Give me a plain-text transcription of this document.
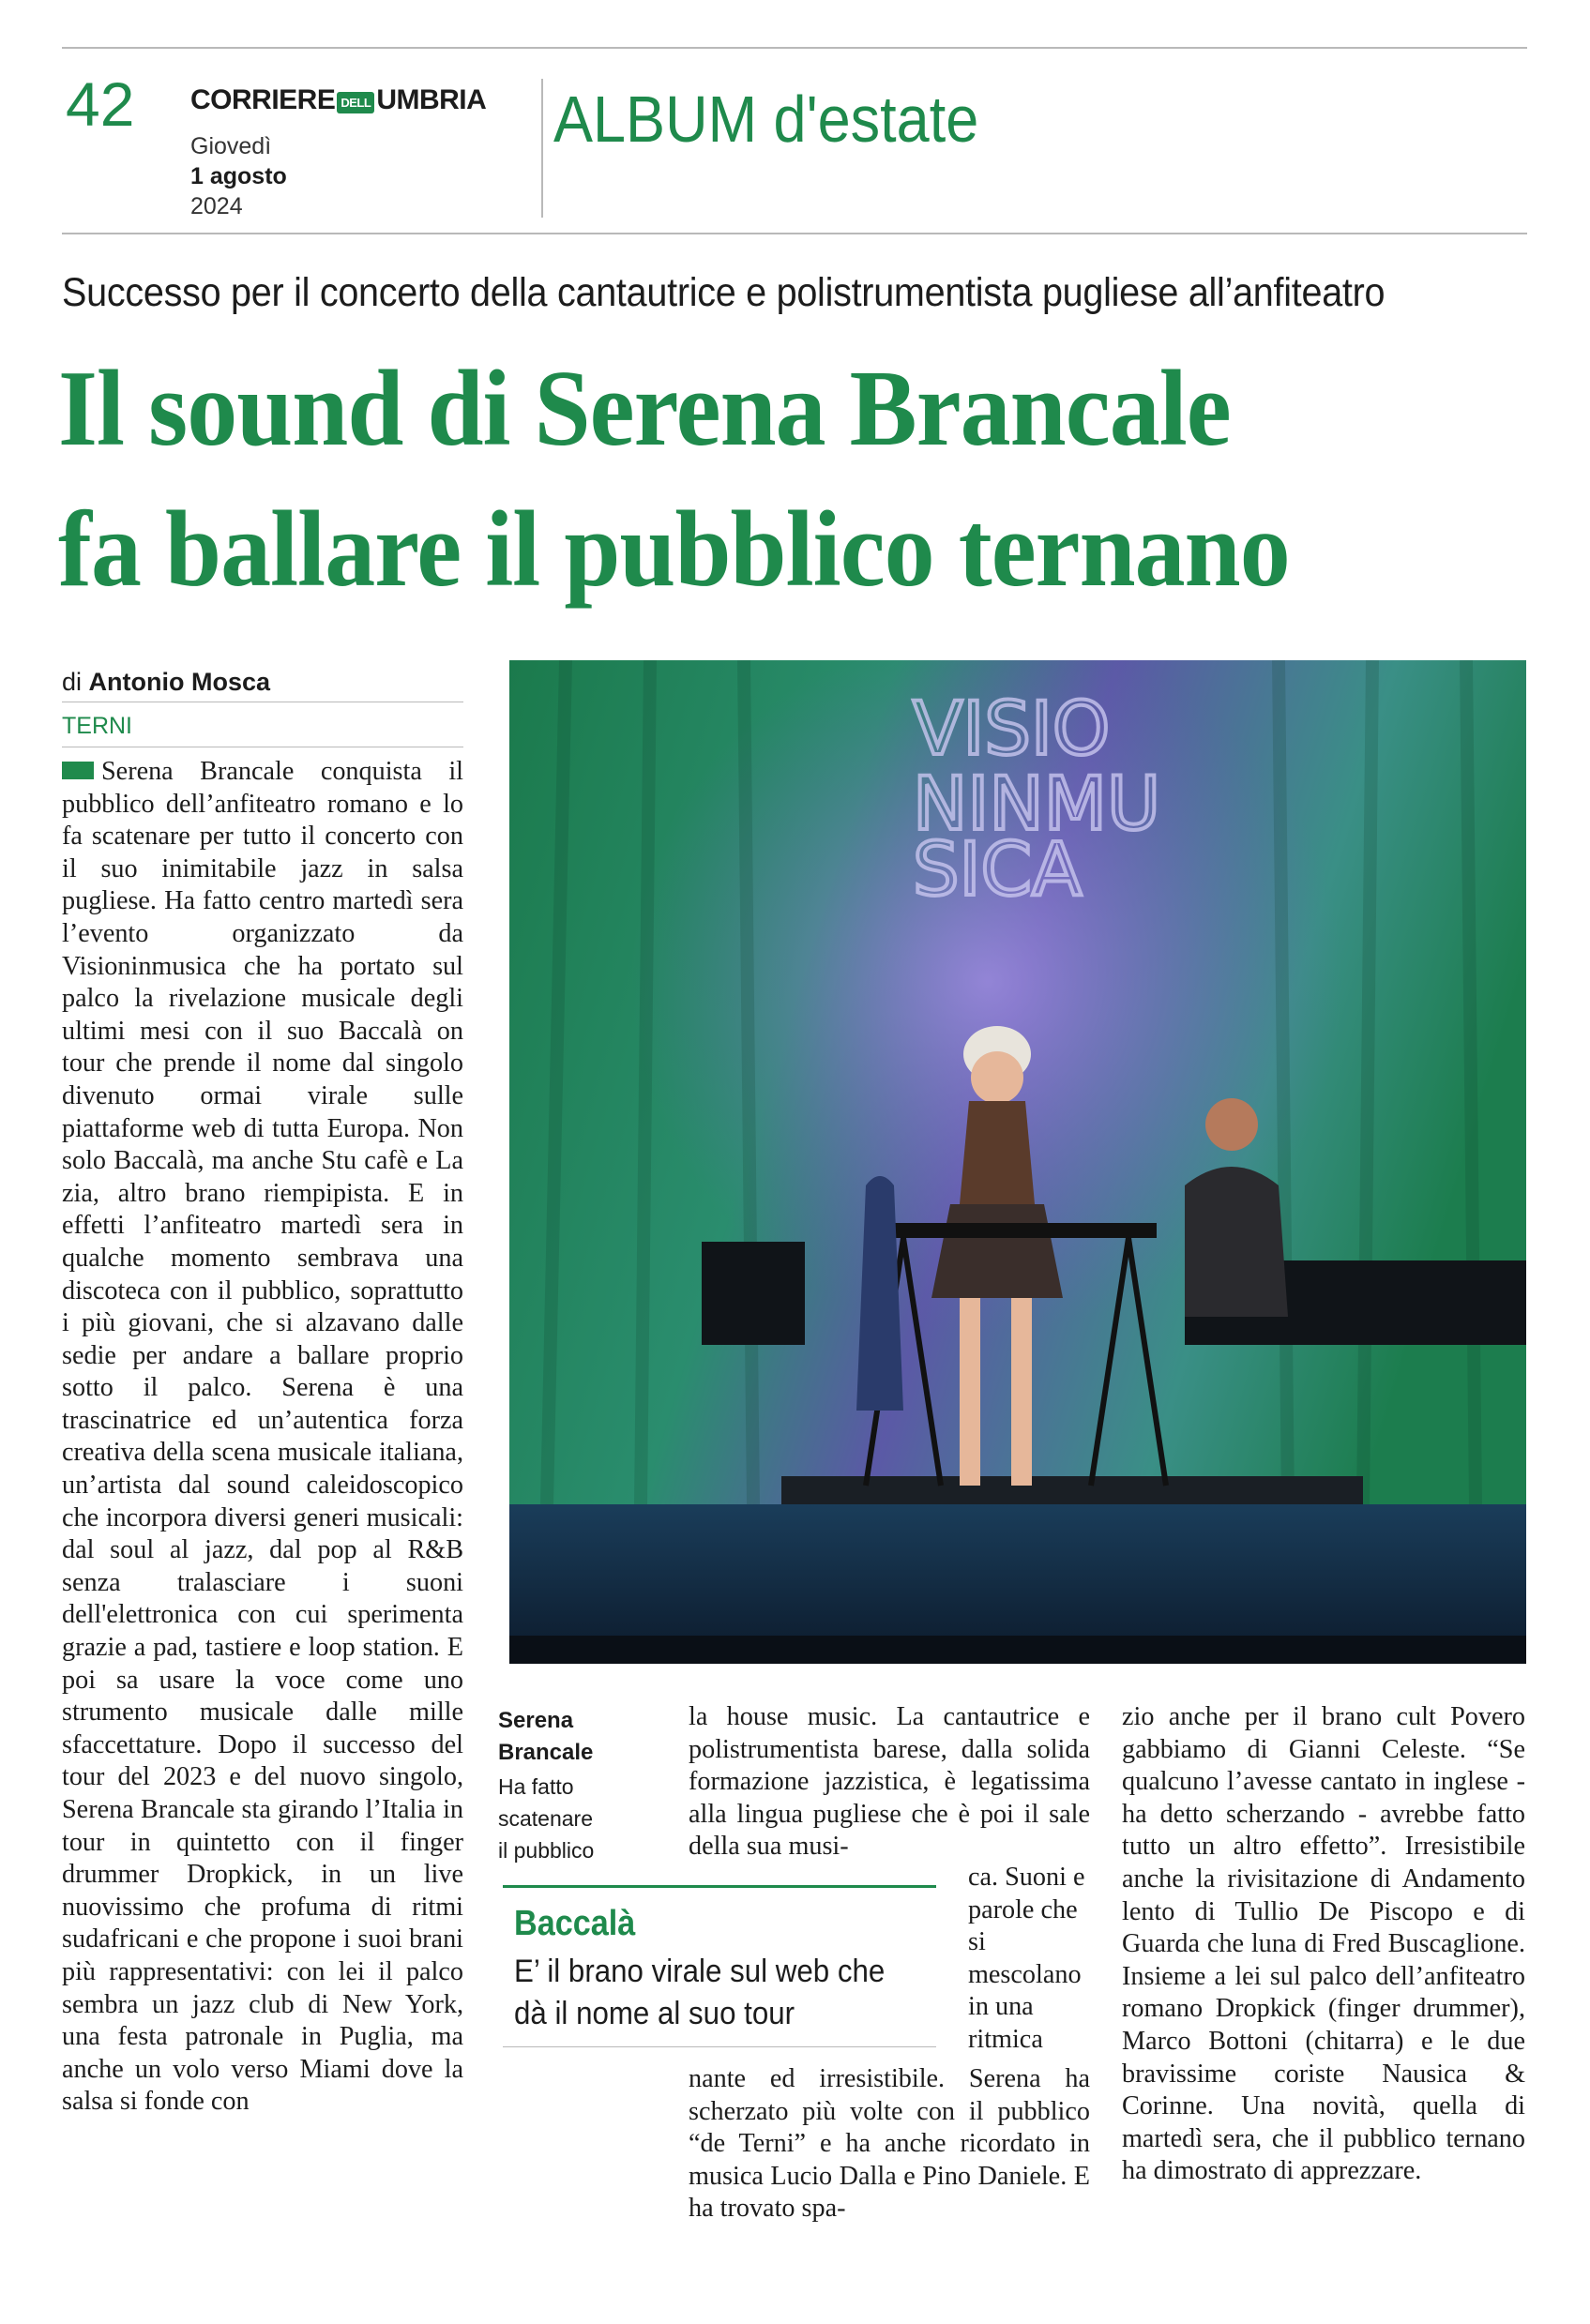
42 CORRIERE DELL UMBRIA
Giovedì
1 agosto
2024
ALBUM d'estate
Successo per il concerto della cantautrice e polistrumentista pugliese all’anfiteatro
Il sound di Serena Brancale
fa ballare il pubblico ternano
di Antonio Mosca
TERNI
Serena Brancale conquista il pubblico dell’anfiteatro romano e lo fa scatenare per tutto il concerto con il suo inimitabile jazz in salsa pugliese. Ha fatto centro martedì sera l’evento organizzato da Visioninmusica che ha portato sul palco la rivelazione musicale degli ultimi mesi con il suo Baccalà on tour che prende il nome dal singolo divenuto ormai virale sulle piattaforme web di tutta Europa. Non solo Baccalà, ma anche Stu cafè e La zia, altro brano riempipista. E in effetti l’anfiteatro martedì sera in qualche momento sembrava una discoteca con il pubblico, soprattutto i più giovani, che si alzavano dalle sedie per andare a ballare proprio sotto il palco. Serena è una trascinatrice ed un’autentica forza creativa della scena musicale italiana, un’artista dal sound caleidoscopico che incorpora diversi generi musicali: dal soul al jazz, dal pop al R&B senza tralasciare i suoni dell'elettronica con cui sperimenta grazie a pad, tastiere e loop station. E poi sa usare la voce come uno strumento musicale dalle mille sfaccettature. Dopo il successo del tour del 2023 e del nuovo singolo, Serena Brancale sta girando l’Italia in tour in quintetto con il finger drummer Dropkick, in un live nuovissimo che profuma di ritmi sudafricani e che propone i suoi brani più rappresentativi: con lei il palco sembra un jazz club di New York, una festa patronale in Puglia, ma anche un volo verso Miami dove la salsa si fonde con
VISIO
NINMU
SICA
Serena Brancale
Ha fatto scatenare il pubblico
la house music. La cantautrice e polistrumentista barese, dalla solida formazione jazzistica, è legatissima alla lingua pugliese che è poi il sale della sua musi-
Baccalà
E’ il brano virale sul web che dà il nome al suo tour
ca. Suoni e parole che si mescolano in una ritmica
nante ed irresistibile. Serena ha scherzato più volte con il pubblico “de Terni” e ha anche ricordato in musica Lucio Dalla e Pino Daniele. E ha trovato spa-
zio anche per il brano cult Povero gabbiamo di Gianni Celeste. “Se qualcuno l’avesse cantato in inglese - ha detto scherzando - avrebbe fatto tutto un altro effetto”. Irresistibile anche la rivisitazione di Andamento lento di Tullio De Piscopo e di Guarda che luna di Fred Buscaglione. Insieme a lei sul palco dell’anfiteatro romano Dropkick (finger drummer), Marco Bottoni (chitarra) e le due bravissime coriste Nausica & Corinne. Una novità, quella di martedì sera, che il pubblico ternano ha dimostrato di apprezzare.
